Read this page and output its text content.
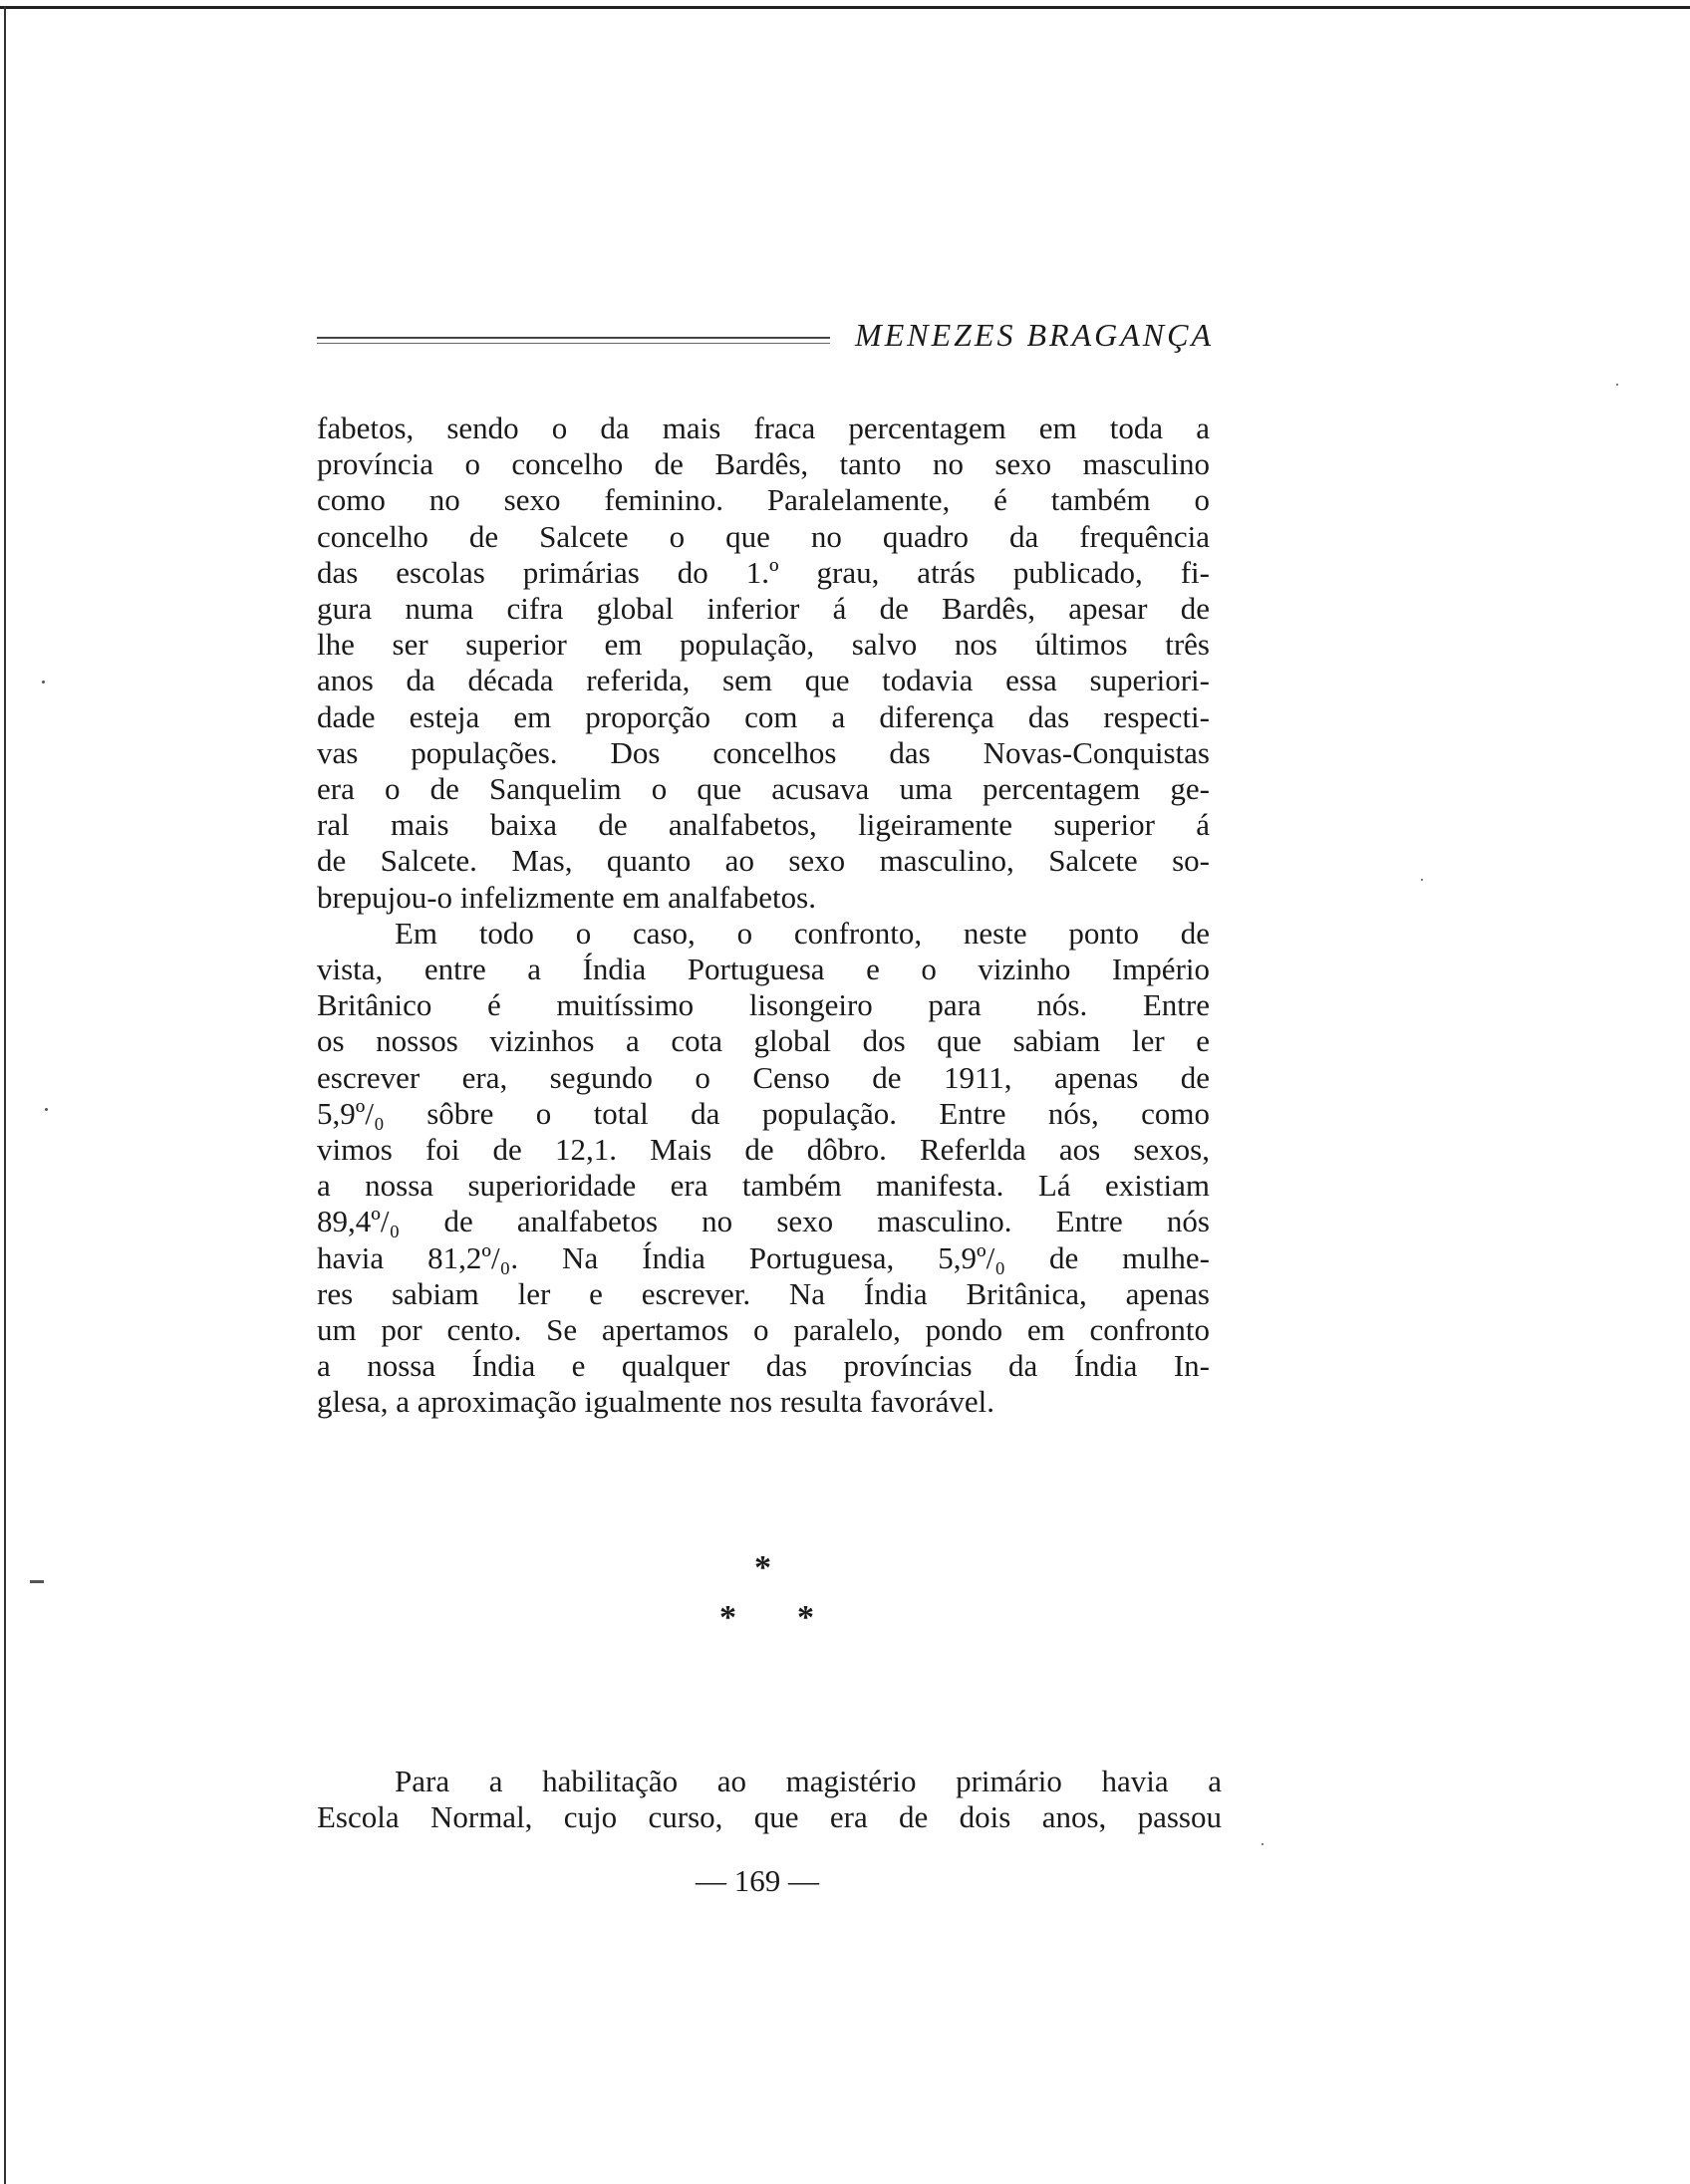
MENEZES BRAGANÇA
fabetos, sendo o da mais fraca percentagem em toda a
província o concelho de Bardês, tanto no sexo masculino
como no sexo feminino. Paralelamente, é também o
concelho de Salcete o que no quadro da frequência
das escolas primárias do 1.º grau, atrás publicado, fi-
gura numa cifra global inferior á de Bardês, apesar de
lhe ser superior em população, salvo nos últimos três
anos da década referida, sem que todavia essa superiori-
dade esteja em proporção com a diferença das respecti-
vas populações. Dos concelhos das Novas-Conquistas
era o de Sanquelim o que acusava uma percentagem ge-
ral mais baixa de analfabetos, ligeiramente superior á
de Salcete. Mas, quanto ao sexo masculino, Salcete so-
brepujou-o infelizmente em analfabetos.
Em todo o caso, o confronto, neste ponto de
vista, entre a Índia Portuguesa e o vizinho Império
Britânico é muitíssimo lisongeiro para nós. Entre
os nossos vizinhos a cota global dos que sabiam ler e
escrever era, segundo o Censo de 1911, apenas de
5,9º/₀ sôbre o total da população. Entre nós, como
vimos foi de 12,1. Mais de dôbro. Referlda aos sexos,
a nossa superioridade era também manifesta. Lá existiam
89,4º/₀ de analfabetos no sexo masculino. Entre nós
havia 81,2º/₀. Na Índia Portuguesa, 5,9º/₀ de mulhe-
res sabiam ler e escrever. Na Índia Britânica, apenas
um por cento. Se apertamos o paralelo, pondo em confronto
a nossa Índia e qualquer das províncias da Índia In-
glesa, a aproximação igualmente nos resulta favorável.
*
* *
Para a habilitação ao magistério primário havia a
Escola Normal, cujo curso, que era de dois anos, passou
— 169 —
